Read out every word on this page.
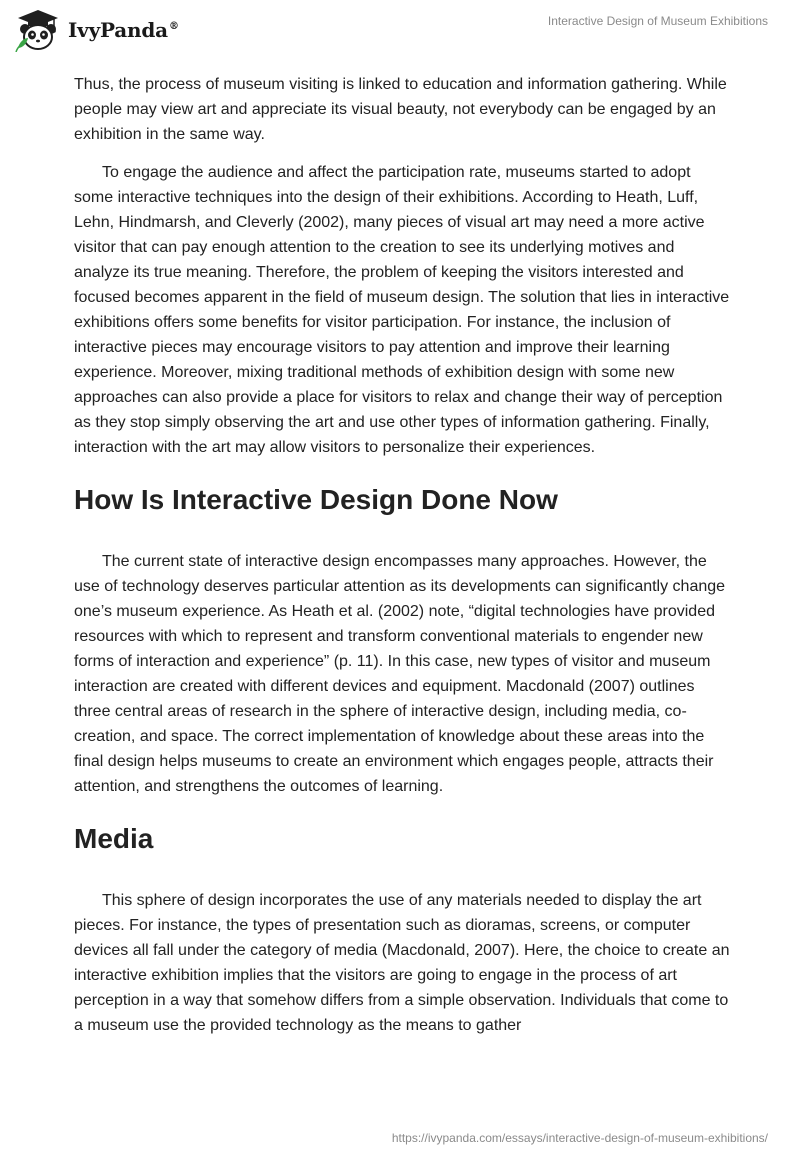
IvyPanda®	Interactive Design of Museum Exhibitions

Thus, the process of museum visiting is linked to education and information gathering. While people may view art and appreciate its visual beauty, not everybody can be engaged by an exhibition in the same way.

To engage the audience and affect the participation rate, museums started to adopt some interactive techniques into the design of their exhibitions. According to Heath, Luff, Lehn, Hindmarsh, and Cleverly (2002), many pieces of visual art may need a more active visitor that can pay enough attention to the creation to see its underlying motives and analyze its true meaning. Therefore, the problem of keeping the visitors interested and focused becomes apparent in the field of museum design. The solution that lies in interactive exhibitions offers some benefits for visitor participation. For instance, the inclusion of interactive pieces may encourage visitors to pay attention and improve their learning experience. Moreover, mixing traditional methods of exhibition design with some new approaches can also provide a place for visitors to relax and change their way of perception as they stop simply observing the art and use other types of information gathering. Finally, interaction with the art may allow visitors to personalize their experiences.

How Is Interactive Design Done Now

The current state of interactive design encompasses many approaches. However, the use of technology deserves particular attention as its developments can significantly change one’s museum experience. As Heath et al. (2002) note, “digital technologies have provided resources with which to represent and transform conventional materials to engender new forms of interaction and experience” (p. 11). In this case, new types of visitor and museum interaction are created with different devices and equipment. Macdonald (2007) outlines three central areas of research in the sphere of interactive design, including media, co-creation, and space. The correct implementation of knowledge about these areas into the final design helps museums to create an environment which engages people, attracts their attention, and strengthens the outcomes of learning.

Media

This sphere of design incorporates the use of any materials needed to display the art pieces. For instance, the types of presentation such as dioramas, screens, or computer devices all fall under the category of media (Macdonald, 2007). Here, the choice to create an interactive exhibition implies that the visitors are going to engage in the process of art perception in a way that somehow differs from a simple observation. Individuals that come to a museum use the provided technology as the means to gather

https://ivypanda.com/essays/interactive-design-of-museum-exhibitions/
